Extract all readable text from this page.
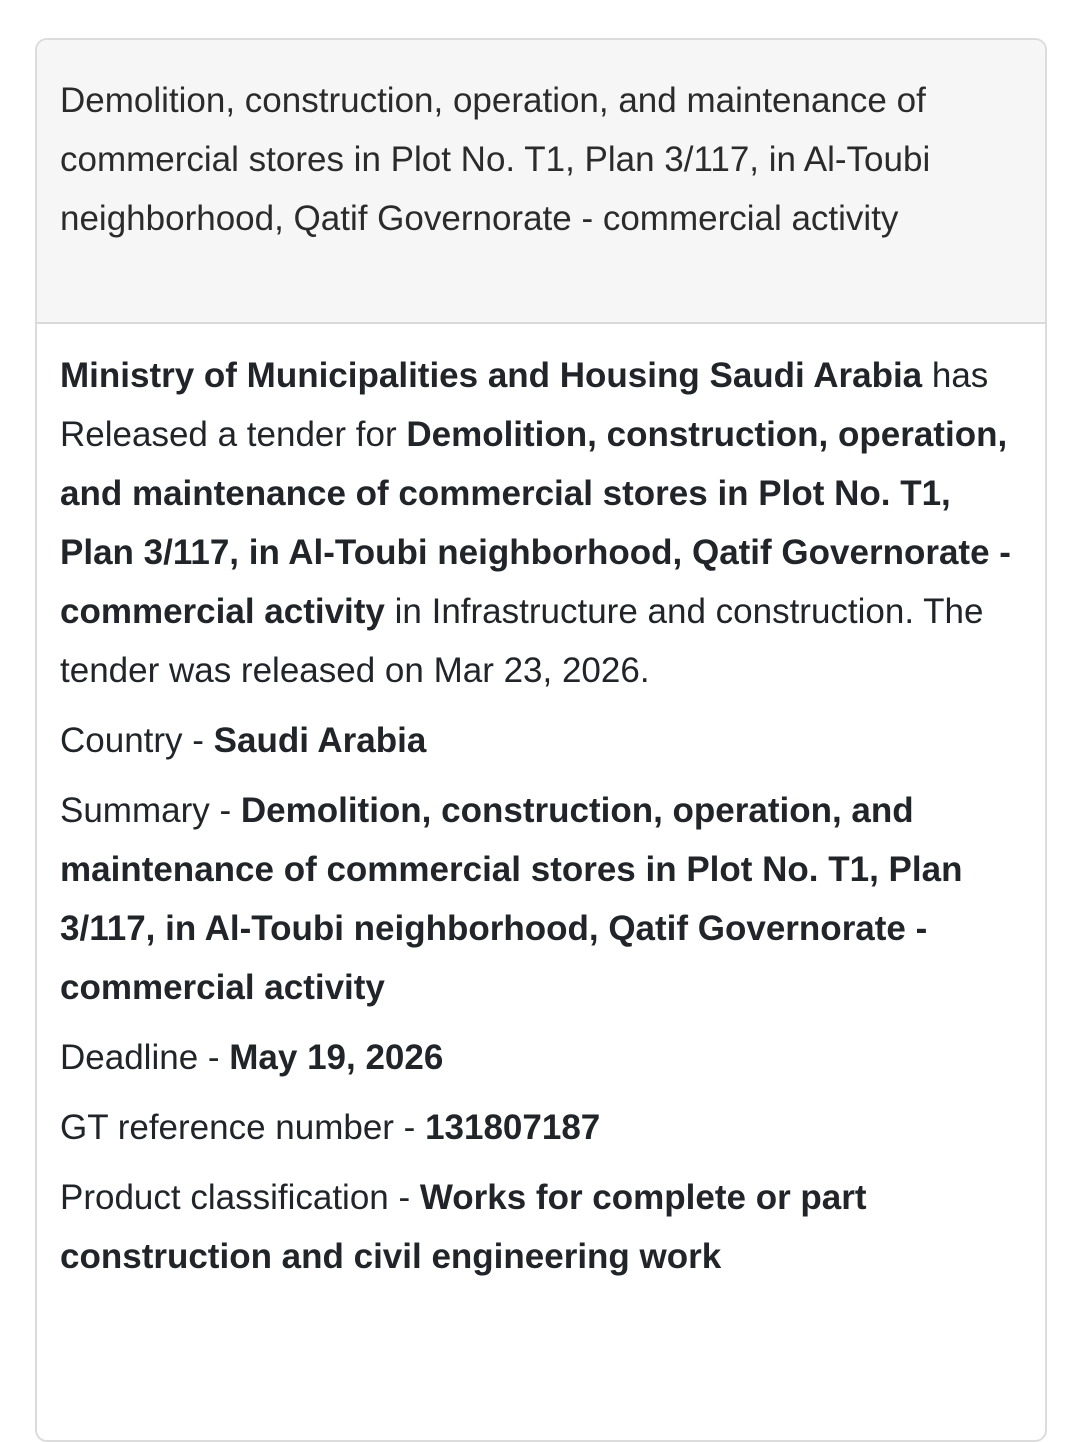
Demolition, construction, operation, and maintenance of commercial stores in Plot No. T1, Plan 3/117, in Al-Toubi neighborhood, Qatif Governorate - commercial activity

Ministry of Municipalities and Housing Saudi Arabia has Released a tender for Demolition, construction, operation, and maintenance of commercial stores in Plot No. T1, Plan 3/117, in Al-Toubi neighborhood, Qatif Governorate - commercial activity in Infrastructure and construction. The tender was released on Mar 23, 2026.

Country - Saudi Arabia

Summary - Demolition, construction, operation, and maintenance of commercial stores in Plot No. T1, Plan 3/117, in Al-Toubi neighborhood, Qatif Governorate - commercial activity

Deadline - May 19, 2026

GT reference number - 131807187

Product classification - Works for complete or part construction and civil engineering work
